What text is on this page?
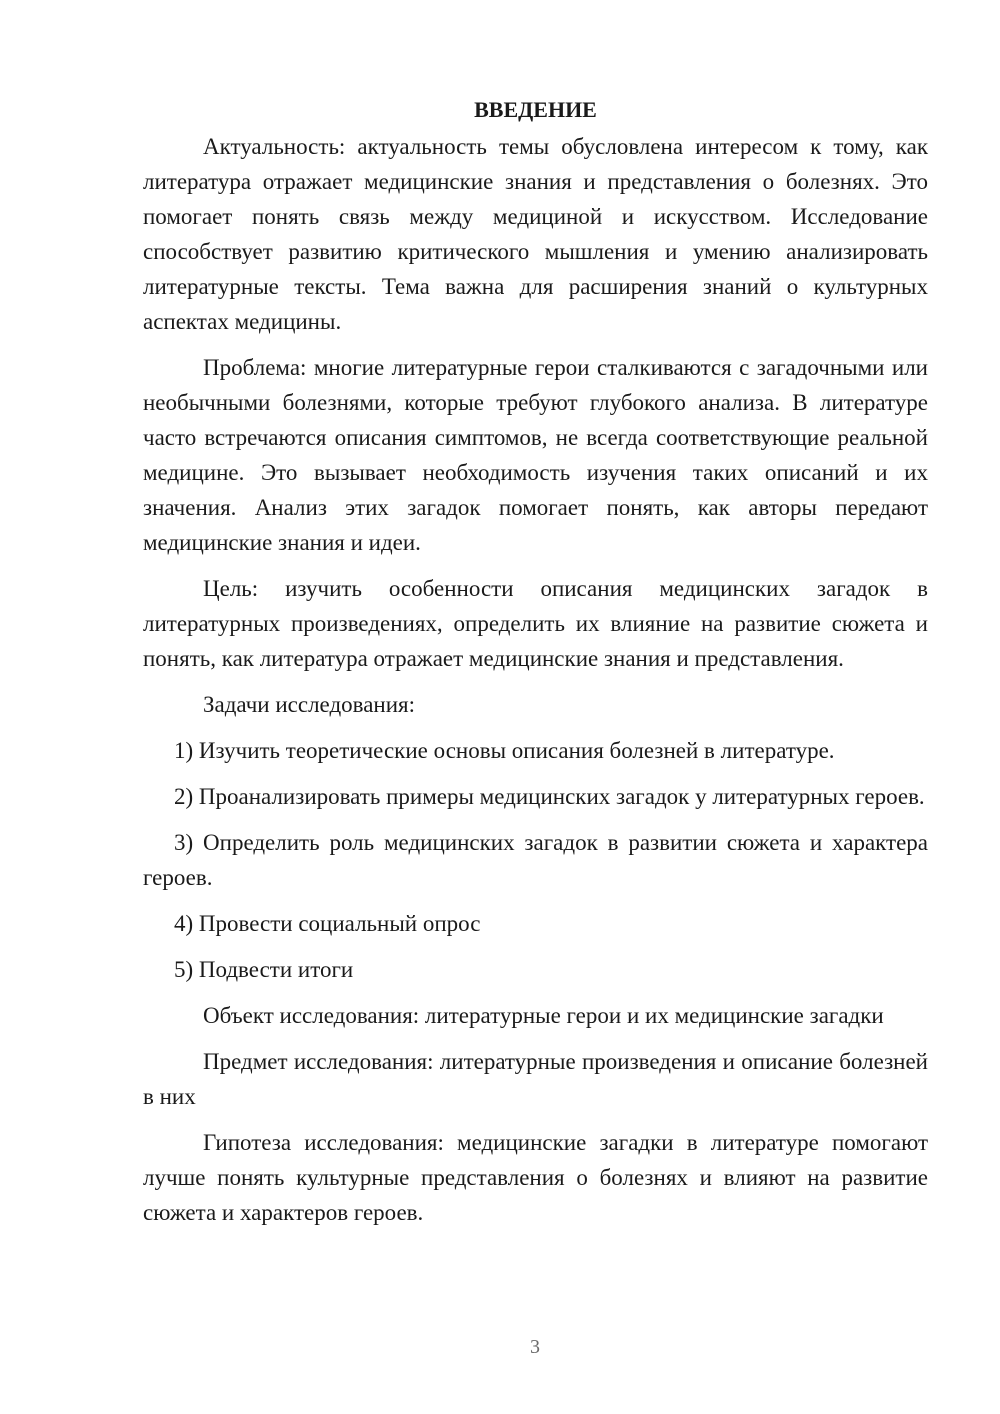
ВВЕДЕНИЕ

Актуальность: актуальность темы обусловлена интересом к тому, как литература отражает медицинские знания и представления о болезнях. Это помогает понять связь между медициной и искусством. Исследование способствует развитию критического мышления и умению анализировать литературные тексты. Тема важна для расширения знаний о культурных аспектах медицины.

Проблема: многие литературные герои сталкиваются с загадочными или необычными болезнями, которые требуют глубокого анализа. В литературе часто встречаются описания симптомов, не всегда соответствующие реальной медицине. Это вызывает необходимость изучения таких описаний и их значения. Анализ этих загадок помогает понять, как авторы передают медицинские знания и идеи.

Цель: изучить особенности описания медицинских загадок в литературных произведениях, определить их влияние на развитие сюжета и понять, как литература отражает медицинские знания и представления.

Задачи исследования:

1) Изучить теоретические основы описания болезней в литературе.

2) Проанализировать примеры медицинских загадок у литературных героев.

3) Определить роль медицинских загадок в развитии сюжета и характера героев.

4) Провести социальный опрос

5) Подвести итоги

Объект исследования: литературные герои и их медицинские загадки

Предмет исследования: литературные произведения и описание болезней в них

Гипотеза исследования: медицинские загадки в литературе помогают лучше понять культурные представления о болезнях и влияют на развитие сюжета и характеров героев.

3
